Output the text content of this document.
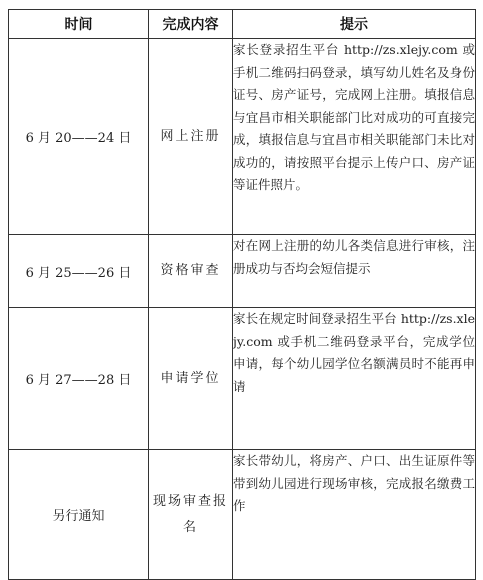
时间	完成内容	提示
6 月 20——24 日	网上注册	家长登录招生平台 http://zs.xlejy.com 或手机二维码扫码登录，填写幼儿姓名及身份证号、房产证号，完成网上注册。填报信息与宜昌市相关职能部门比对成功的可直接完成，填报信息与宜昌市相关职能部门未比对成功的，请按照平台提示上传户口、房产证等证件照片。
6 月 25——26 日	资格审查	对在网上注册的幼儿各类信息进行审核，注册成功与否均会短信提示
6 月 27——28 日	申请学位	家长在规定时间登录招生平台 http://zs.xlejy.com 或手机二维码登录平台，完成学位申请，每个幼儿园学位名额满员时不能再申请
另行通知	现场审查报名	家长带幼儿，将房产、户口、出生证原件等带到幼儿园进行现场审核，完成报名缴费工作
